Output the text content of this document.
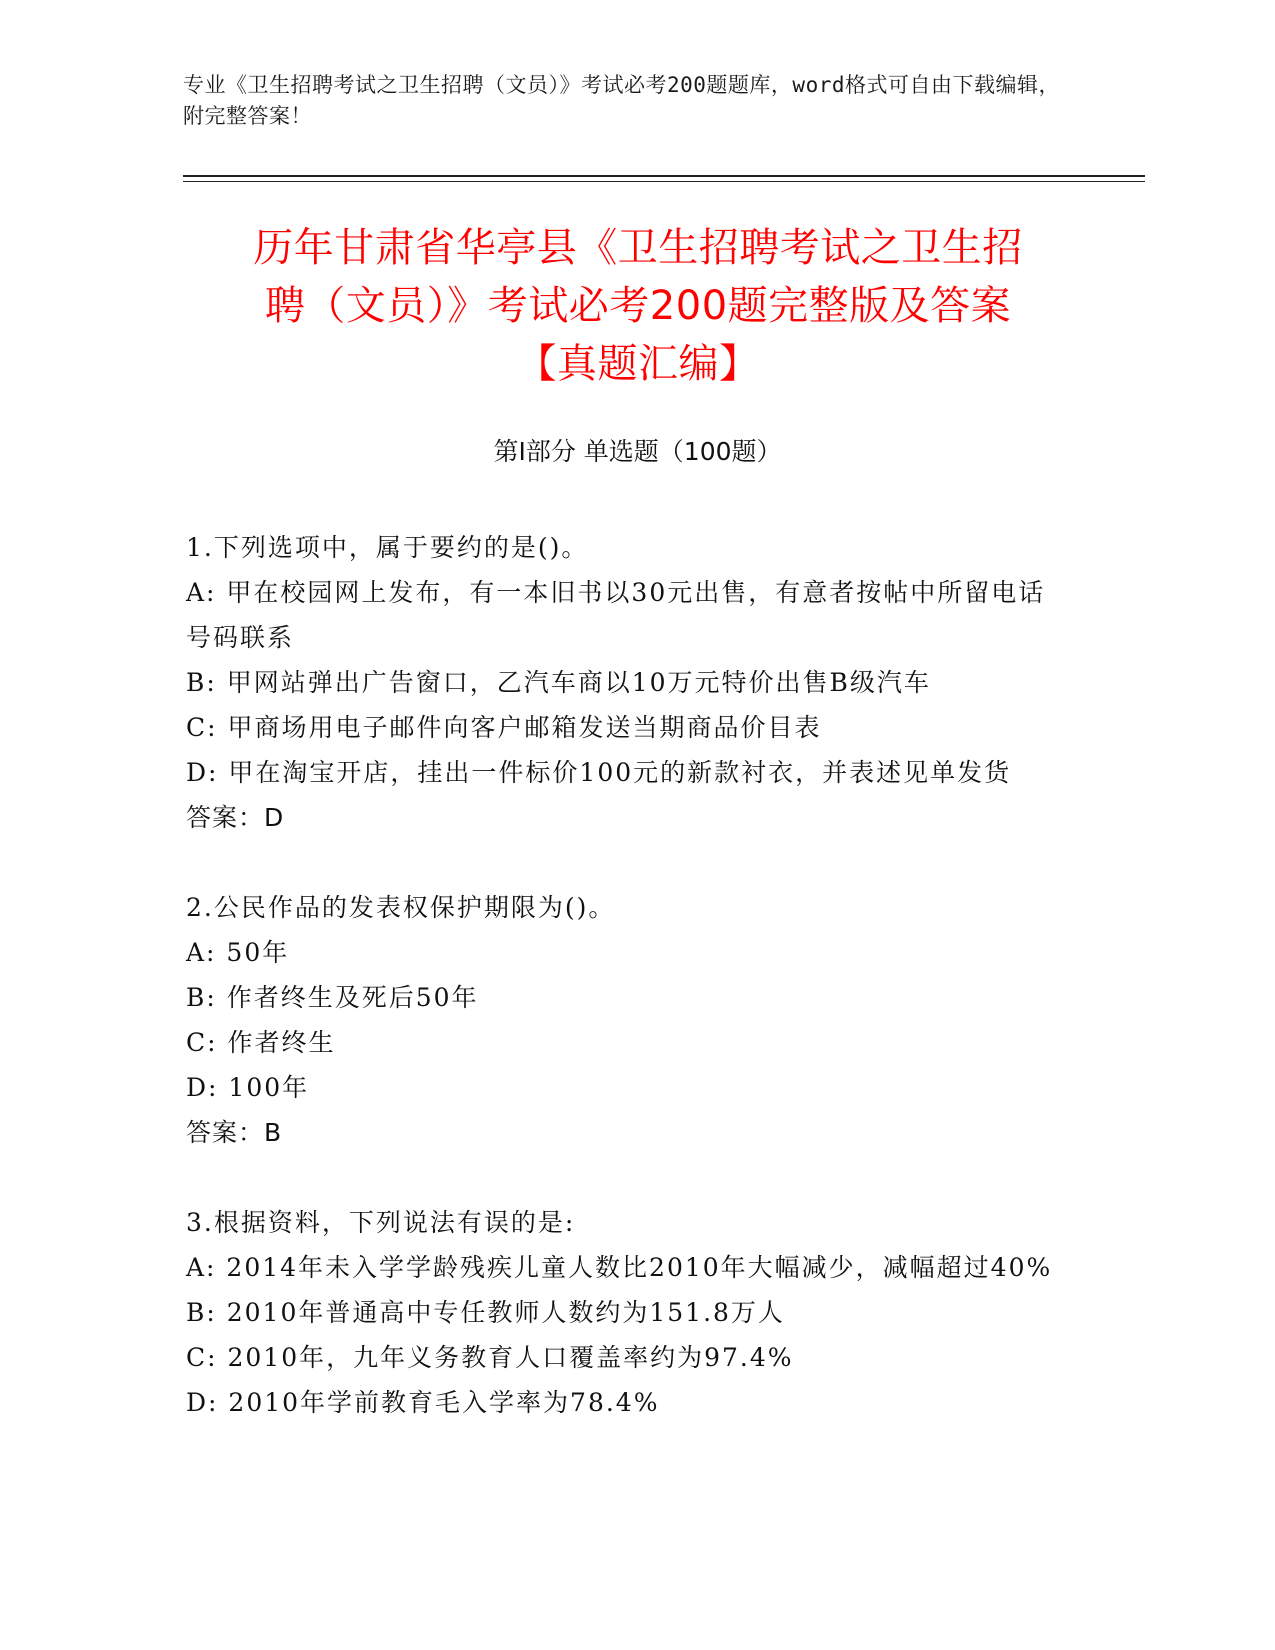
专业《卫生招聘考试之卫生招聘（文员）》考试必考200题题库，word格式可自由下载编辑，附完整答案！
历年甘肃省华亭县《卫生招聘考试之卫生招
聘（文员）》考试必考200题完整版及答案
【真题汇编】
第I部分 单选题（100题）
1.下列选项中，属于要约的是()。
A: 甲在校园网上发布，有一本旧书以30元出售，有意者按帖中所留电话号码联系
B: 甲网站弹出广告窗口，乙汽车商以10万元特价出售B级汽车
C: 甲商场用电子邮件向客户邮箱发送当期商品价目表
D: 甲在淘宝开店，挂出一件标价100元的新款衬衣，并表述见单发货
答案：D
2.公民作品的发表权保护期限为()。
A: 50年
B: 作者终生及死后50年
C: 作者终生
D: 100年
答案：B
3.根据资料，下列说法有误的是:
A: 2014年未入学学龄残疾儿童人数比2010年大幅减少，减幅超过40%
B: 2010年普通高中专任教师人数约为151.8万人
C: 2010年，九年义务教育人口覆盖率约为97.4%
D: 2010年学前教育毛入学率为78.4%
